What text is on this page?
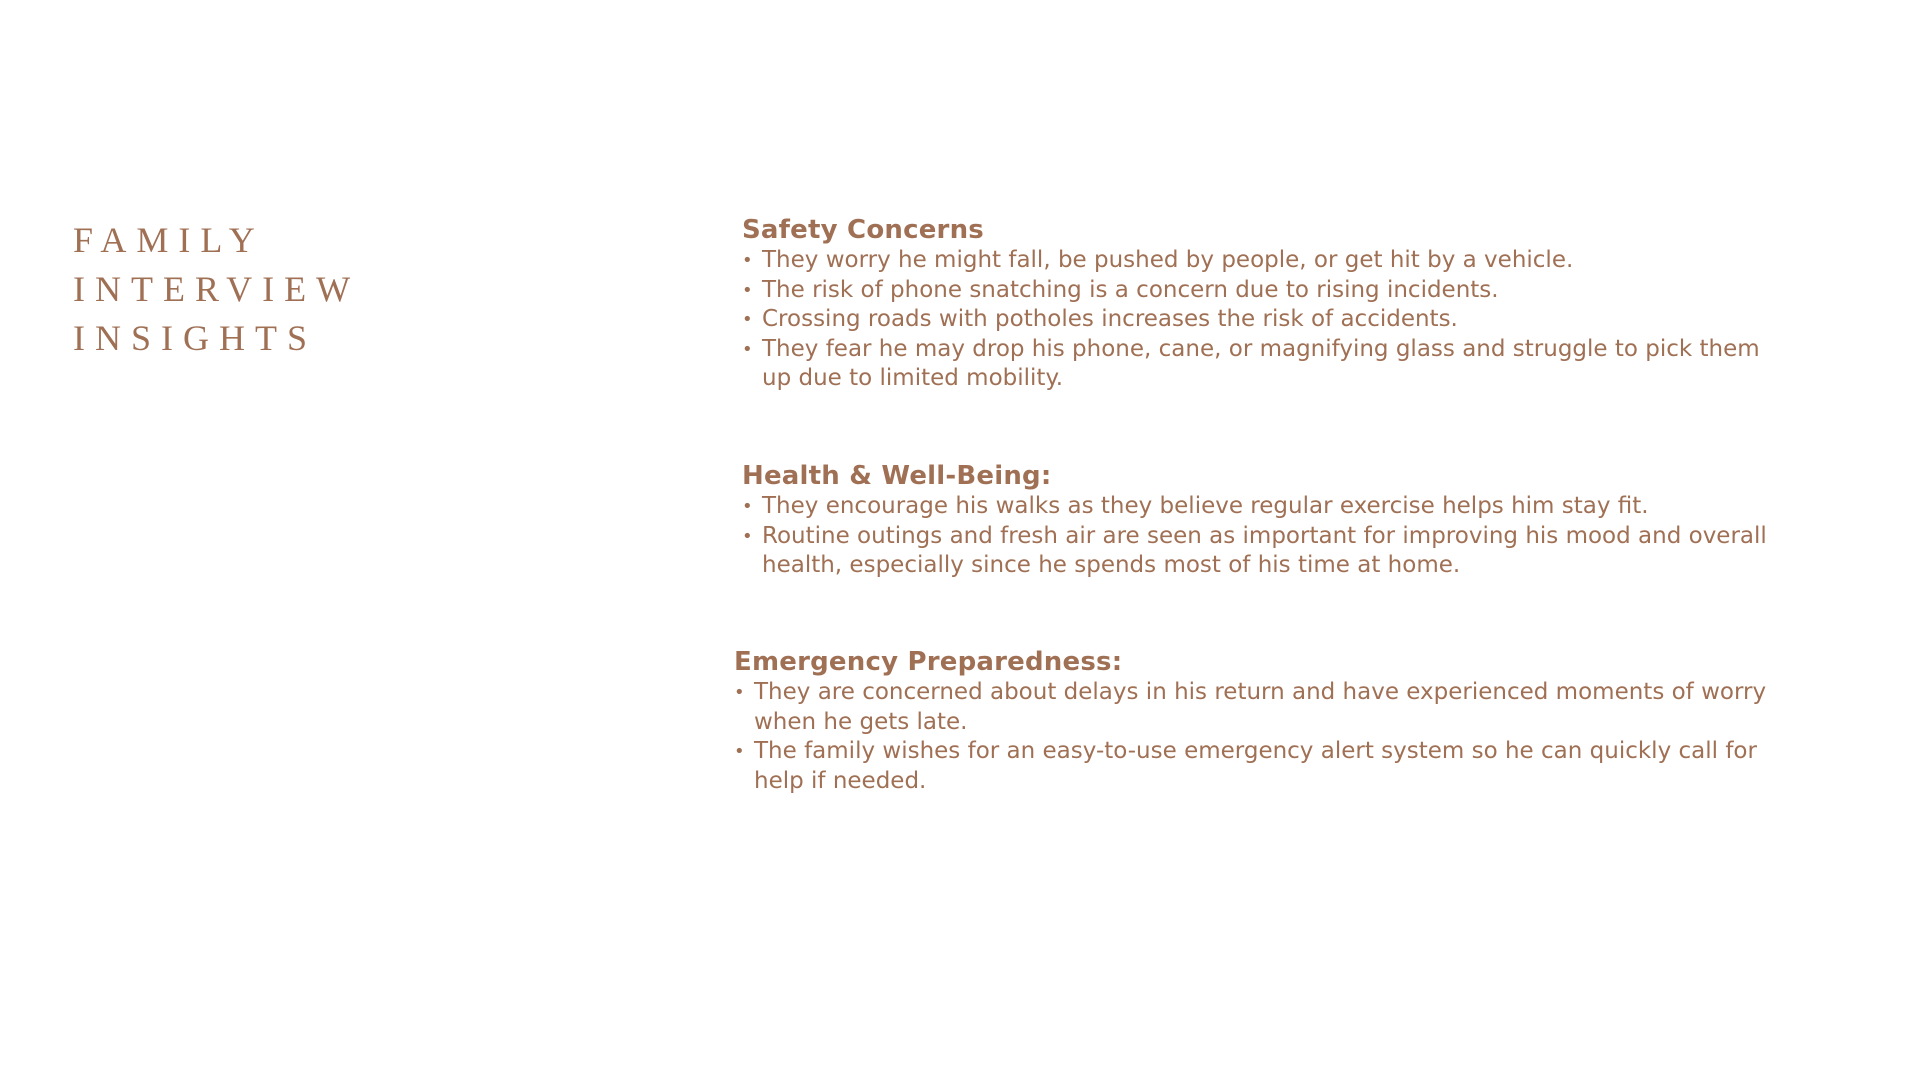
FAMILY
INTERVIEW
INSIGHTS
Safety Concerns
• They worry he might fall, be pushed by people, or get hit by a vehicle.
• The risk of phone snatching is a concern due to rising incidents.
• Crossing roads with potholes increases the risk of accidents.
• They fear he may drop his phone, cane, or magnifying glass and struggle to pick them up due to limited mobility.
Health & Well-Being:
• They encourage his walks as they believe regular exercise helps him stay fit.
• Routine outings and fresh air are seen as important for improving his mood and overall health, especially since he spends most of his time at home.
Emergency Preparedness:
• They are concerned about delays in his return and have experienced moments of worry when he gets late.
• The family wishes for an easy-to-use emergency alert system so he can quickly call for help if needed.
